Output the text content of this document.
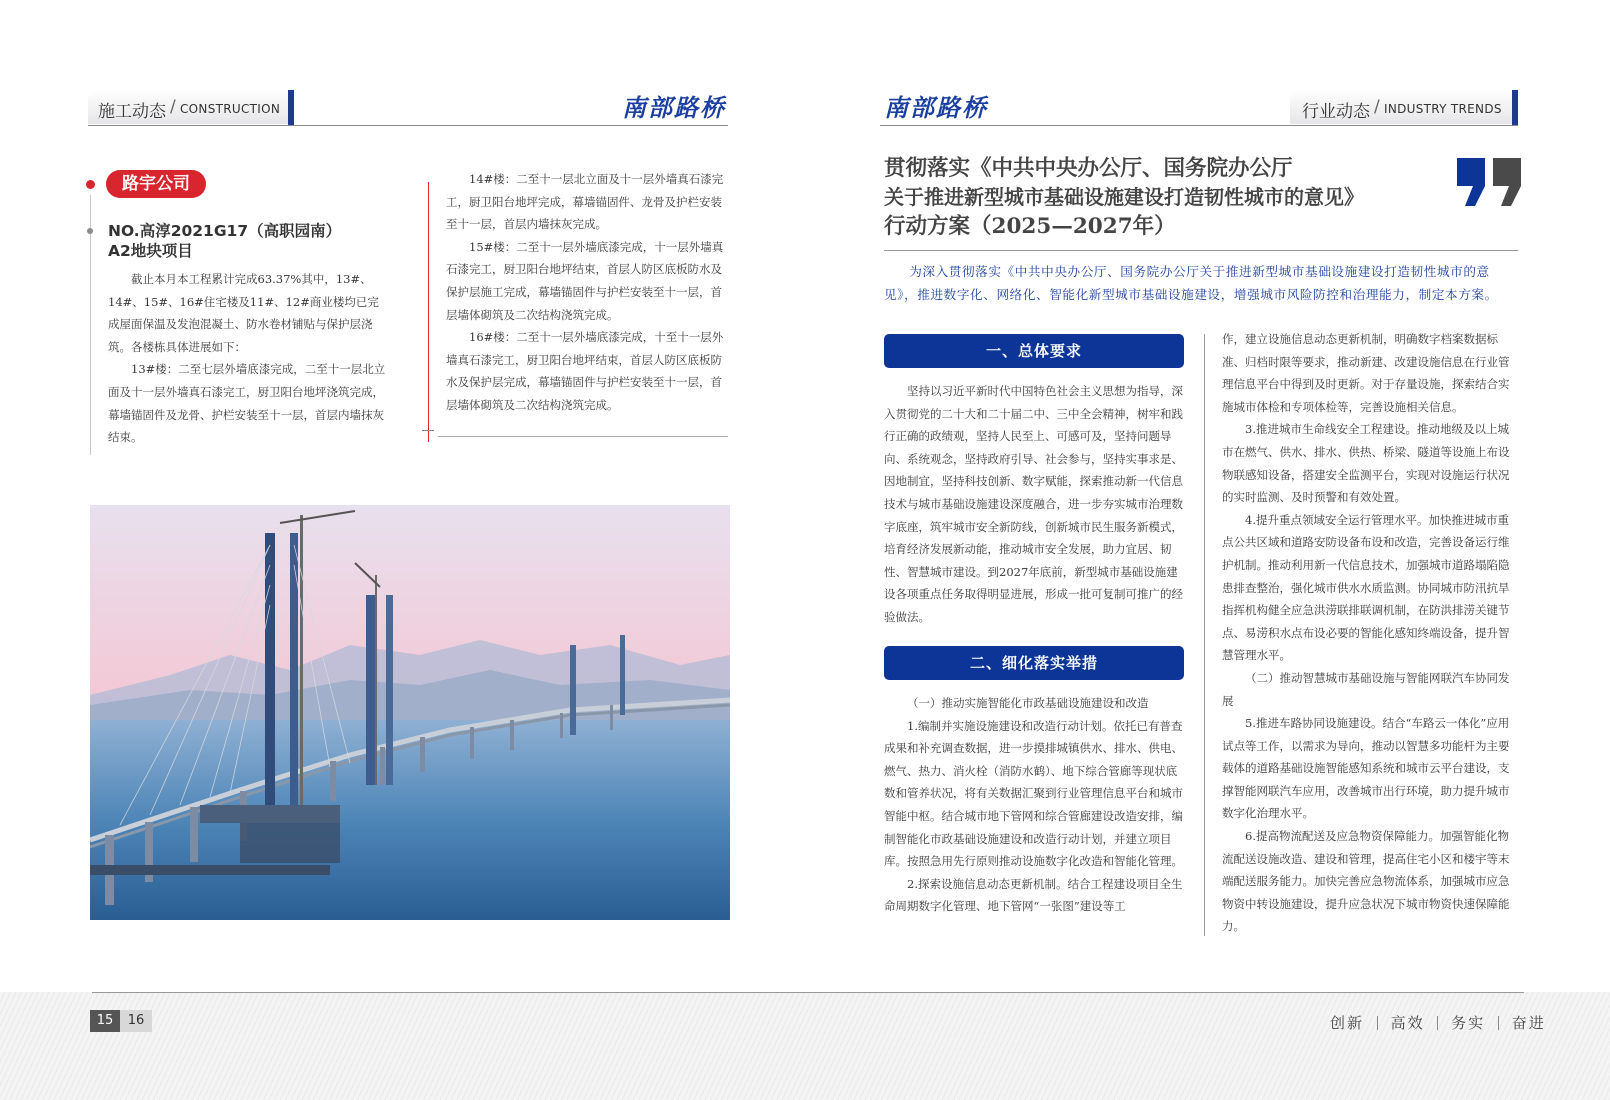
施工动态 / CONSTRUCTION	南部路桥
路宇公司
NO.高淳2021G17（高职园南）
A2地块项目

截止本月本工程累计完成63.37%其中，13#、14#、15#、16#住宅楼及11#、12#商业楼均已完成屋面保温及发泡混凝土、防水卷材铺贴与保护层浇筑。各楼栋具体进展如下：

13#楼：二至七层外墙底漆完成，二至十一层北立面及十一层外墙真石漆完工，厨卫阳台地坪浇筑完成，幕墙锚固件及龙骨、护栏安装至十一层，首层内墙抹灰结束。

14#楼：二至十一层北立面及十一层外墙真石漆完工，厨卫阳台地坪完成，幕墙锚固件、龙骨及护栏安装至十一层，首层内墙抹灰完成。

15#楼：二至十一层外墙底漆完成，十一层外墙真石漆完工，厨卫阳台地坪结束，首层人防区底板防水及保护层施工完成，幕墙锚固件与护栏安装至十一层，首层墙体砌筑及二次结构浇筑完成。

16#楼：二至十一层外墙底漆完成，十至十一层外墙真石漆完工，厨卫阳台地坪结束，首层人防区底板防水及保护层完成，幕墙锚固件与护栏安装至十一层，首层墙体砌筑及二次结构浇筑完成。

南部路桥	行业动态 / INDUSTRY TRENDS
贯彻落实《中共中央办公厅、国务院办公厅
关于推进新型城市基础设施建设打造韧性城市的意见》
行动方案（2025—2027年）
为深入贯彻落实《中共中央办公厅、国务院办公厅关于推进新型城市基础设施建设打造韧性城市的意见》，推进数字化、网络化、智能化新型城市基础设施建设，增强城市风险防控和治理能力，制定本方案。
一、总体要求
坚持以习近平新时代中国特色社会主义思想为指导，深入贯彻党的二十大和二十届二中、三中全会精神，树牢和践行正确的政绩观，坚持人民至上、可感可及，坚持问题导向、系统观念，坚持政府引导、社会参与，坚持实事求是、因地制宜，坚持科技创新、数字赋能，探索推动新一代信息技术与城市基础设施建设深度融合，进一步夯实城市治理数字底座，筑牢城市安全新防线，创新城市民生服务新模式，培育经济发展新动能，推动城市安全发展，助力宜居、韧性、智慧城市建设。到2027年底前，新型城市基础设施建设各项重点任务取得明显进展，形成一批可复制可推广的经验做法。
二、细化落实举措

（一）推动实施智能化市政基础设施建设和改造

1.编制并实施设施建设和改造行动计划。依托已有普查成果和补充调查数据，进一步摸排城镇供水、排水、供电、燃气、热力、消火栓（消防水鹤）、地下综合管廊等现状底数和管养状况，将有关数据汇聚到行业管理信息平台和城市智能中枢。结合城市地下管网和综合管廊建设改造安排，编制智能化市政基础设施建设和改造行动计划，并建立项目库。按照急用先行原则推动设施数字化改造和智能化管理。

2.探索设施信息动态更新机制。结合工程建设项目全生命周期数字化管理、地下管网“一张图”建设等工

作，建立设施信息动态更新机制，明确数字档案数据标准、归档时限等要求，推动新建、改建设施信息在行业管理信息平台中得到及时更新。对于存量设施，探索结合实施城市体检和专项体检等，完善设施相关信息。

3.推进城市生命线安全工程建设。推动地级及以上城市在燃气、供水、排水、供热、桥梁、隧道等设施上布设物联感知设备，搭建安全监测平台，实现对设施运行状况的实时监测、及时预警和有效处置。

4.提升重点领域安全运行管理水平。加快推进城市重点公共区域和道路安防设备布设和改造，完善设备运行维护机制。推动利用新一代信息技术，加强城市道路塌陷隐患排查整治，强化城市供水水质监测。协同城市防汛抗旱指挥机构健全应急洪涝联排联调机制，在防洪排涝关键节点、易涝积水点布设必要的智能化感知终端设备，提升智慧管理水平。

（二）推动智慧城市基础设施与智能网联汽车协同发展

5.推进车路协同设施建设。结合“车路云一体化”应用试点等工作，以需求为导向，推动以智慧多功能杆为主要载体的道路基础设施智能感知系统和城市云平台建设，支撑智能网联汽车应用，改善城市出行环境，助力提升城市数字化治理水平。

6.提高物流配送及应急物资保障能力。加强智能化物流配送设施改造、建设和管理，提高住宅小区和楼宇等末端配送服务能力。加快完善应急物流体系，加强城市应急物资中转设施建设，提升应急状况下城市物资快速保障能力。

15	16	创新 高效 务实 奋进
